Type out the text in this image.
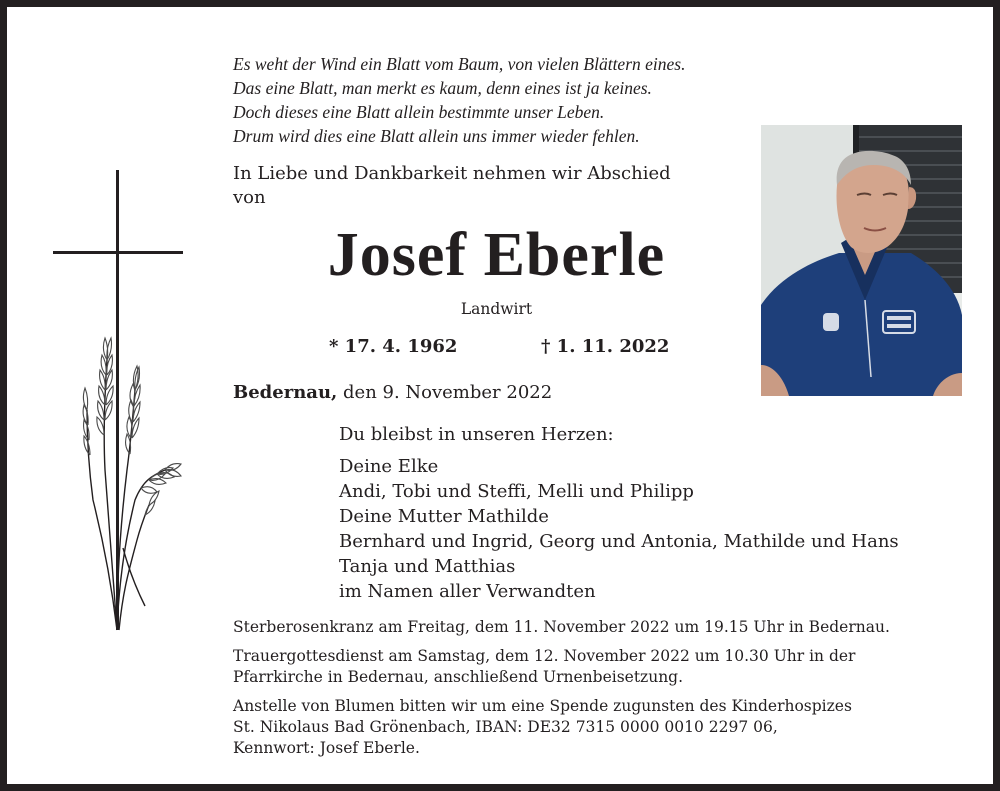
Es weht der Wind ein Blatt vom Baum, von vielen Blättern eines.
Das eine Blatt, man merkt es kaum, denn eines ist ja keines.
Doch dieses eine Blatt allein bestimmte unser Leben.
Drum wird dies eine Blatt allein uns immer wieder fehlen.
In Liebe und Dankbarkeit nehmen wir Abschied
von
Josef Eberle
Landwirt
* 17. 4. 1962	† 1. 11. 2022
Bedernau, den 9. November 2022
Du bleibst in unseren Herzen:
Deine Elke
Andi, Tobi und Steffi, Melli und Philipp
Deine Mutter Mathilde
Bernhard und Ingrid, Georg und Antonia, Mathilde und Hans
Tanja und Matthias
im Namen aller Verwandten
Sterberosenkranz am Freitag, dem 11. November 2022 um 19.15 Uhr in Bedernau.
Trauergottesdienst am Samstag, dem 12. November 2022 um 10.30 Uhr in der
Pfarrkirche in Bedernau, anschließend Urnenbeisetzung.
Anstelle von Blumen bitten wir um eine Spende zugunsten des Kinderhospizes
St. Nikolaus Bad Grönenbach, IBAN: DE32 7315 0000 0010 2297 06,
Kennwort: Josef Eberle.
